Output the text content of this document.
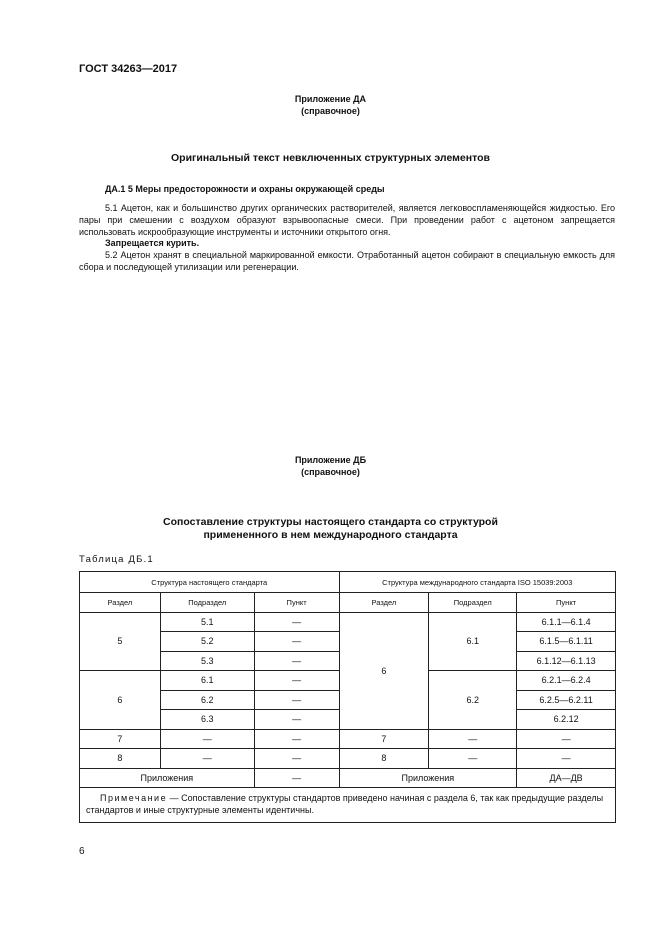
ГОСТ 34263—2017
Приложение ДА
(справочное)
Оригинальный текст невключенных структурных элементов
ДА.1 5 Меры предосторожности и охраны окружающей среды
5.1 Ацетон, как и большинство других органических растворителей, является легковоспламеняющейся жидкостью. Его пары при смешении с воздухом образуют взрывоопасные смеси. При проведении работ с ацетоном запрещается использовать искрообразующие инструменты и источники открытого огня.
Запрещается курить.
5.2 Ацетон хранят в специальной маркированной емкости. Отработанный ацетон собирают в специальную емкость для сбора и последующей утилизации или регенерации.
Приложение ДБ
(справочное)
Сопоставление структуры настоящего стандарта со структурой
примененного в нем международного стандарта
Таблица ДБ.1
Структура настоящего стандарта			Структура международного стандарта ISO 15039:2003		
Раздел	Подраздел	Пункт	Раздел	Подраздел	Пункт
5	5.1	—	6	6.1	6.1.1—6.1.4
	5.2	—			6.1.5—6.1.11
	5.3	—			6.1.12—6.1.13
6	6.1	—		6.2	6.2.1—6.2.4
	6.2	—			6.2.5—6.2.11
	6.3	—			6.2.12
7	—	—	7	—	—
8	—	—	8	—	—
Приложения		—	Приложения		ДА—ДВ
Примечание — Сопоставление структуры стандартов приведено начиная с раздела 6, так как предыдущие разделы стандартов и иные структурные элементы идентичны.					
6
